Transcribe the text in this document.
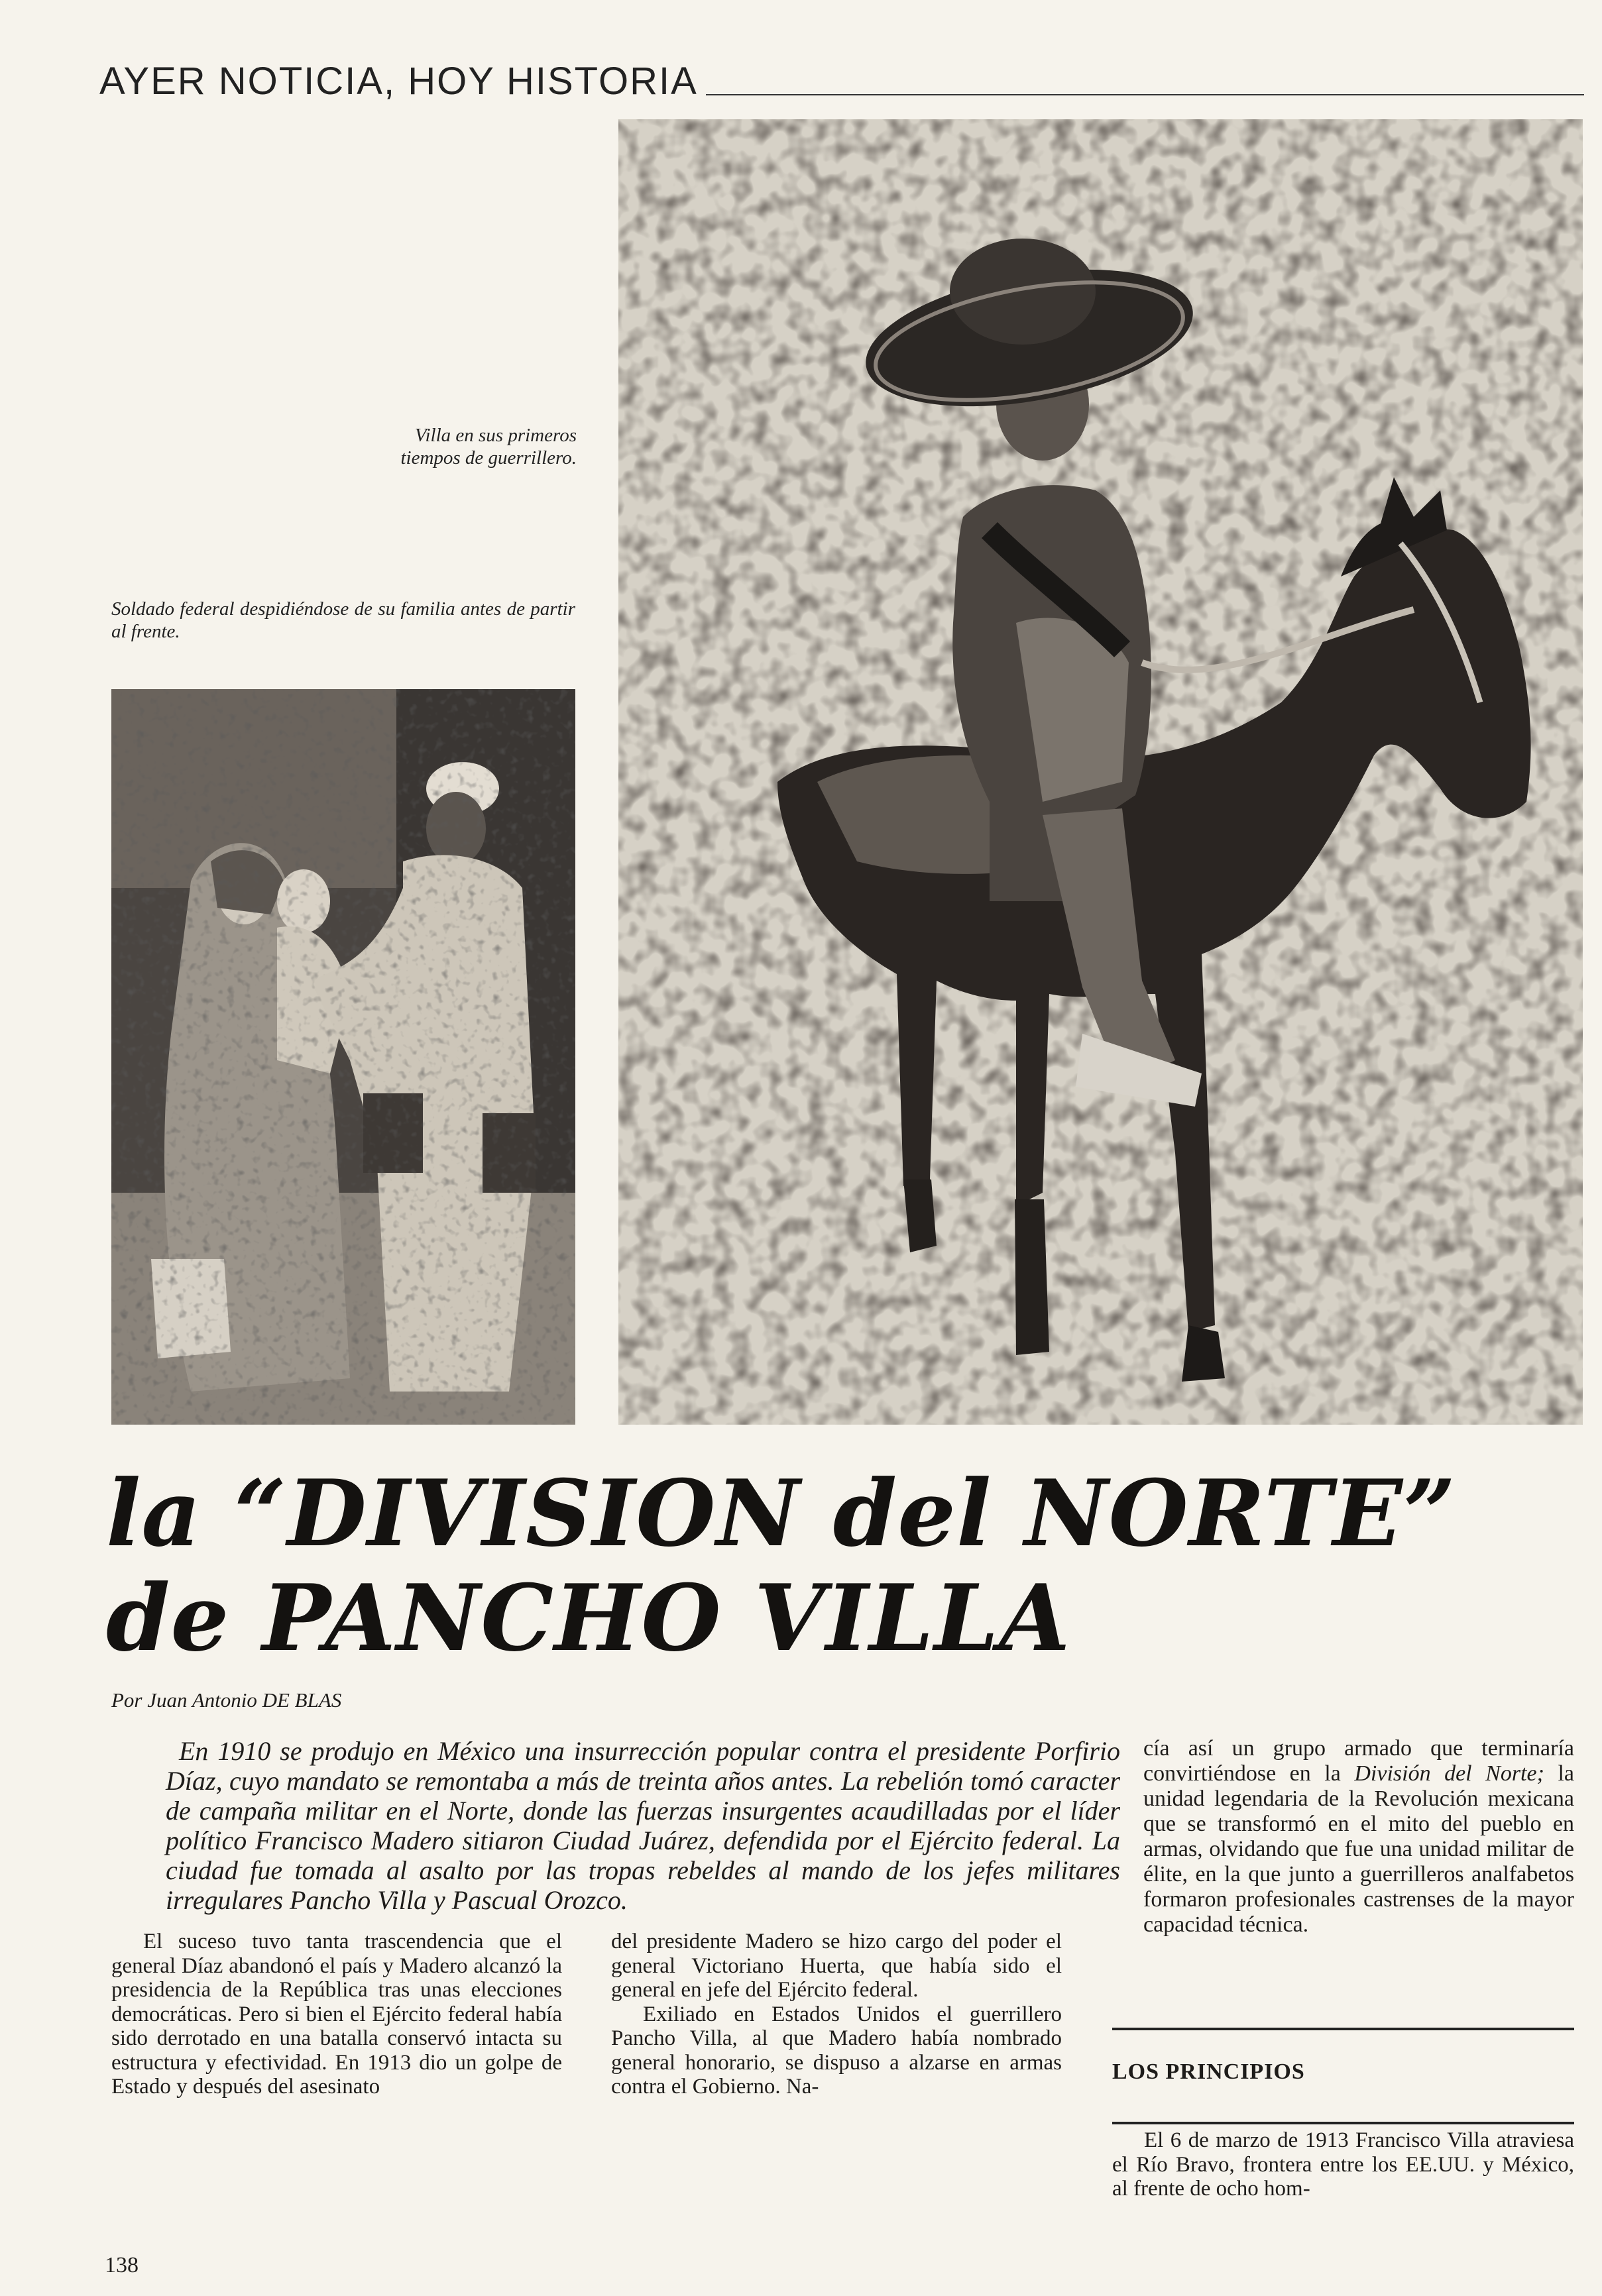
AYER NOTICIA, HOY HISTORIA
Villa en sus primeros tiempos de guerrillero.
Soldado federal despidiéndose de su familia antes de partir al frente.
la “DIVISION del NORTE”
de PANCHO VILLA
Por Juan Antonio DE BLAS
En 1910 se produjo en México una insurrección popular contra el presidente Porfirio Díaz, cuyo mandato se remontaba a más de treinta años antes. La rebelión tomó caracter de campaña militar en el Norte, donde las fuerzas insurgentes acaudilladas por el líder político Francisco Madero sitiaron Ciudad Juárez, defendida por el Ejército federal. La ciudad fue tomada al asalto por las tropas rebeldes al mando de los jefes militares irregulares Pancho Villa y Pascual Orozco.
cía así un grupo armado que terminaría convirtiéndose en la División del Norte; la unidad legendaria de la Revolución mexicana que se transformó en el mito del pueblo en armas, olvidando que fue una unidad militar de élite, en la que junto a guerrilleros analfabetos formaron profesionales castrenses de la mayor capacidad técnica.

El suceso tuvo tanta trascendencia que el general Díaz abandonó el país y Madero alcanzó la presidencia de la República tras unas elecciones democráticas. Pero si bien el Ejército federal había sido derrotado en una batalla conservó intacta su estructura y efectividad. En 1913 dio un golpe de Estado y después del asesinato

del presidente Madero se hizo cargo del poder el general Victoriano Huerta, que había sido el general en jefe del Ejército federal.

Exiliado en Estados Unidos el guerrillero Pancho Villa, al que Madero había nombrado general honorario, se dispuso a alzarse en armas contra el Gobierno. Na-

LOS PRINCIPIOS

El 6 de marzo de 1913 Francisco Villa atraviesa el Río Bravo, frontera entre los EE.UU. y México, al frente de ocho hom-

138
